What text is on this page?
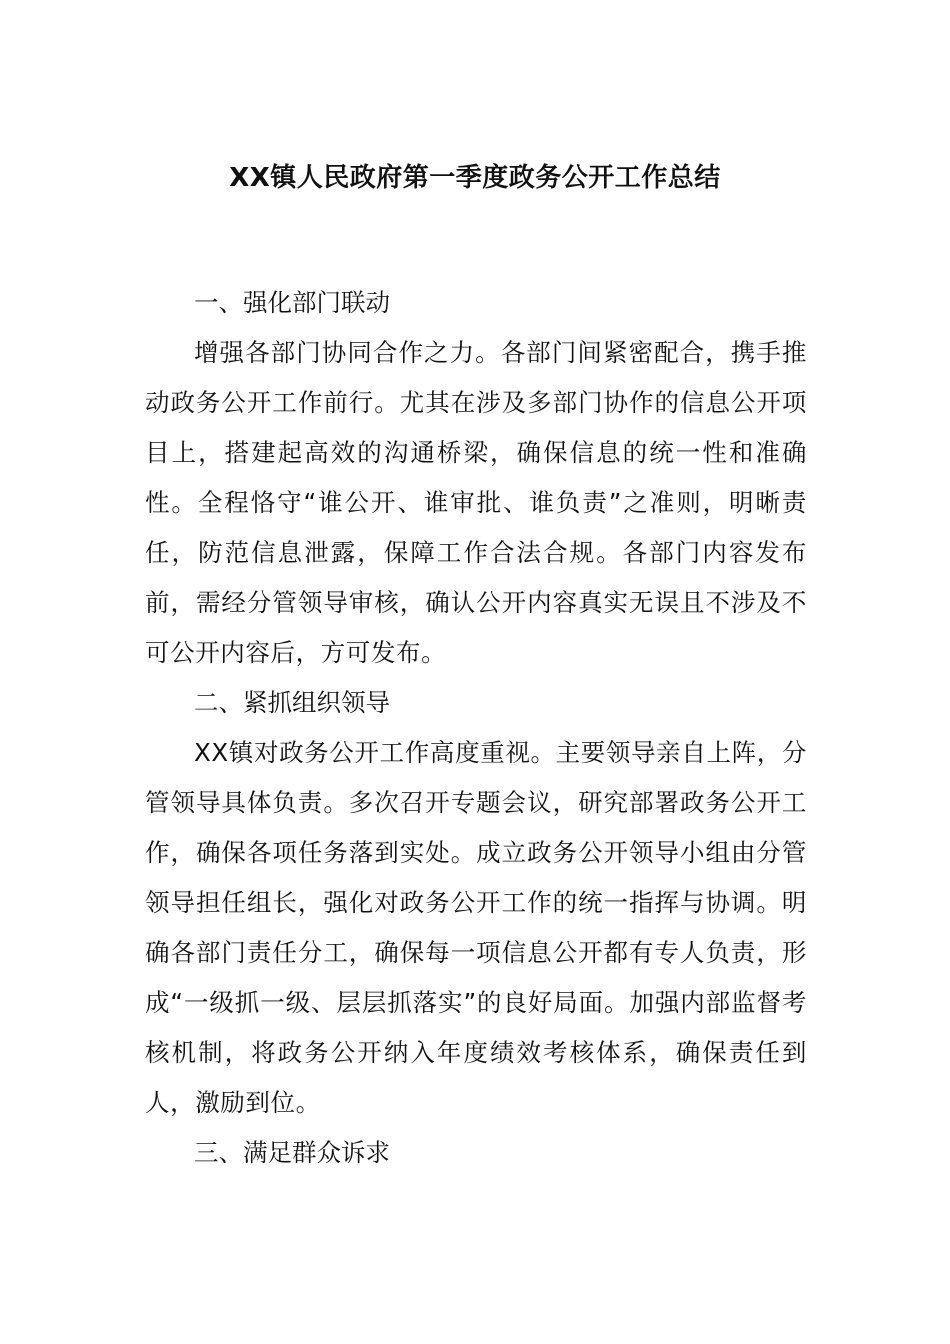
XX镇人民政府第一季度政务公开工作总结
一、强化部门联动

增强各部门协同合作之力。各部门间紧密配合，携手推动政务公开工作前行。尤其在涉及多部门协作的信息公开项目上，搭建起高效的沟通桥梁，确保信息的统一性和准确性。全程恪守“谁公开、谁审批、谁负责”之准则，明晰责任，防范信息泄露，保障工作合法合规。各部门内容发布前，需经分管领导审核，确认公开内容真实无误且不涉及不可公开内容后，方可发布。

二、紧抓组织领导

XX镇对政务公开工作高度重视。主要领导亲自上阵，分管领导具体负责。多次召开专题会议，研究部署政务公开工作，确保各项任务落到实处。成立政务公开领导小组由分管领导担任组长，强化对政务公开工作的统一指挥与协调。明确各部门责任分工，确保每一项信息公开都有专人负责，形成“一级抓一级、层层抓落实”的良好局面。加强内部监督考核机制，将政务公开纳入年度绩效考核体系，确保责任到人，激励到位。

三、满足群众诉求
